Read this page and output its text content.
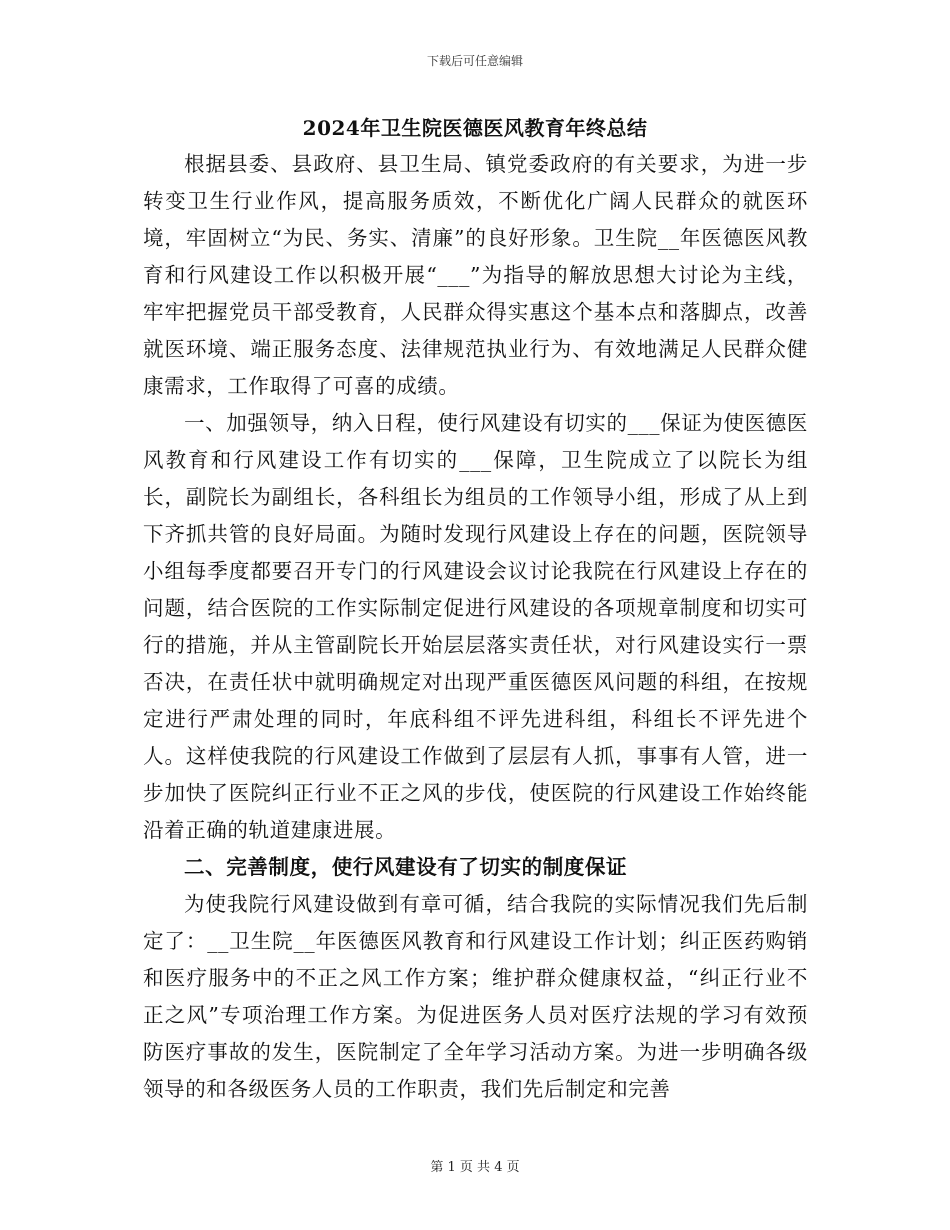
下载后可任意编辑
2024年卫生院医德医风教育年终总结

根据县委、县政府、县卫生局、镇党委政府的有关要求，为进一步转变卫生行业作风，提高服务质效，不断优化广阔人民群众的就医环境，牢固树立“为民、务实、清廉”的良好形象。卫生院__年医德医风教育和行风建设工作以积极开展“___”为指导的解放思想大讨论为主线，牢牢把握党员干部受教育，人民群众得实惠这个基本点和落脚点，改善就医环境、端正服务态度、法律规范执业行为、有效地满足人民群众健康需求，工作取得了可喜的成绩。

一、加强领导，纳入日程，使行风建设有切实的___保证为使医德医风教育和行风建设工作有切实的___保障，卫生院成立了以院长为组长，副院长为副组长，各科组长为组员的工作领导小组，形成了从上到下齐抓共管的良好局面。为随时发现行风建设上存在的问题，医院领导小组每季度都要召开专门的行风建设会议讨论我院在行风建设上存在的问题，结合医院的工作实际制定促进行风建设的各项规章制度和切实可行的措施，并从主管副院长开始层层落实责任状，对行风建设实行一票否决，在责任状中就明确规定对出现严重医德医风问题的科组，在按规定进行严肃处理的同时，年底科组不评先进科组，科组长不评先进个人。这样使我院的行风建设工作做到了层层有人抓，事事有人管，进一步加快了医院纠正行业不正之风的步伐，使医院的行风建设工作始终能沿着正确的轨道建康进展。

二、完善制度，使行风建设有了切实的制度保证

为使我院行风建设做到有章可循，结合我院的实际情况我们先后制定了：__卫生院__年医德医风教育和行风建设工作计划；纠正医药购销和医疗服务中的不正之风工作方案；维护群众健康权益，“纠正行业不正之风”专项治理工作方案。为促进医务人员对医疗法规的学习有效预防医疗事故的发生，医院制定了全年学习活动方案。为进一步明确各级领导的和各级医务人员的工作职责，我们先后制定和完善

第 1 页 共 4 页
